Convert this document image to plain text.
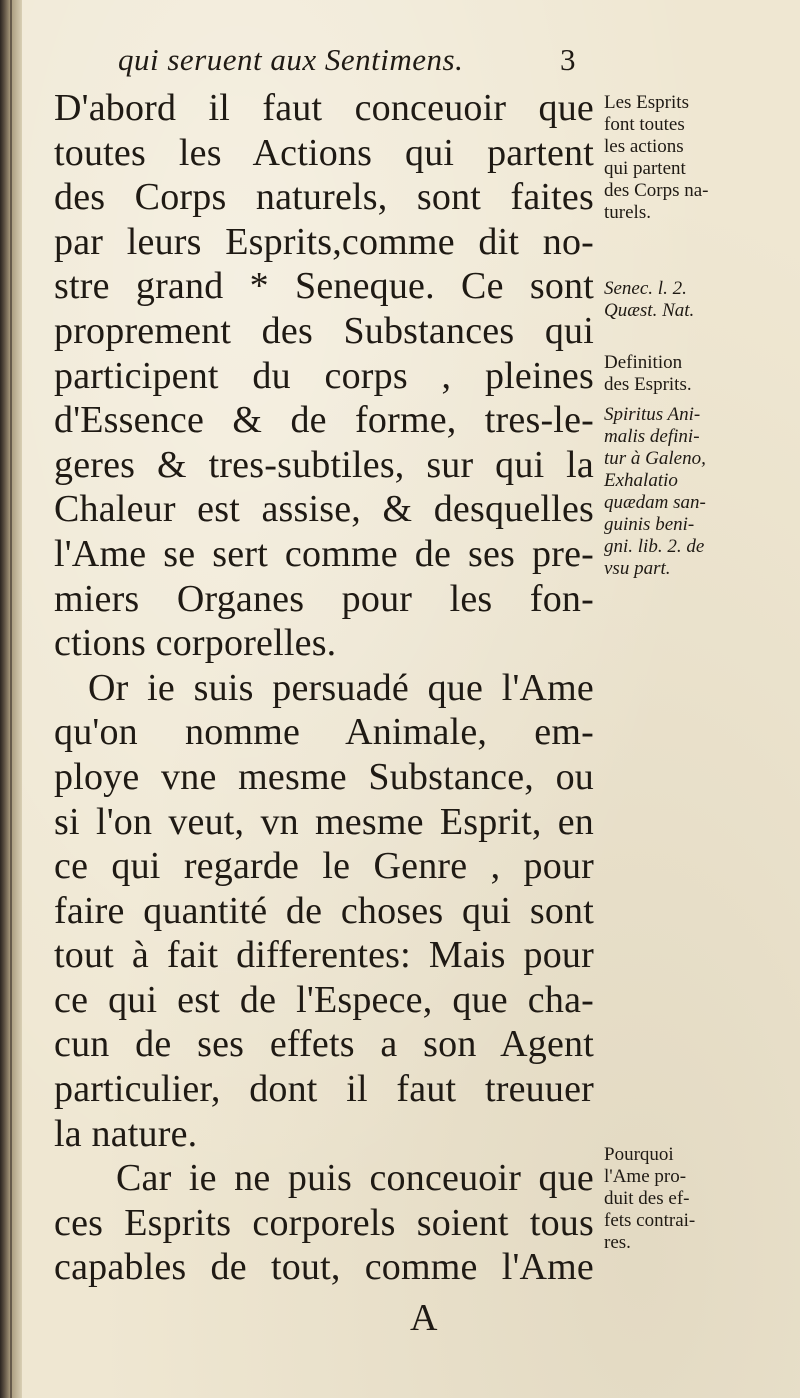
qui seruent aux Sentimens.	3
D'abord il faut conceuoir que
toutes les Actions qui partent
des Corps naturels, sont faites
par leurs Esprits,comme dit no-
stre grand * Seneque. Ce sont
proprement des Substances qui
participent du corps , pleines
d'Essence & de forme, tres-le-
geres & tres-subtiles, sur qui la
Chaleur est assise, & desquelles
l'Ame se sert comme de ses pre-
miers Organes pour les fon-
ctions corporelles.
Or ie suis persuadé que l'Ame
qu'on nomme Animale, em-
ploye vne mesme Substance, ou
si l'on veut, vn mesme Esprit, en
ce qui regarde le Genre , pour
faire quantité de choses qui sont
tout à fait differentes: Mais pour
ce qui est de l'Espece, que cha-
cun de ses effets a son Agent
particulier, dont il faut treuuer
la nature.
Car ie ne puis conceuoir que
ces Esprits corporels soient tous
capables de tout, comme l'Ame
Les Esprits
font toutes
les actions
qui partent
des Corps na-
turels.
Senec. l. 2.
Quæst. Nat.
Definition
des Esprits.
Spiritus Ani-
malis defini-
tur à Galeno,
Exhalatio
quædam san-
guinis beni-
gni. lib. 2. de
vsu part.
Pourquoi
l'Ame pro-
duit des ef-
fets contrai-
res.
A
